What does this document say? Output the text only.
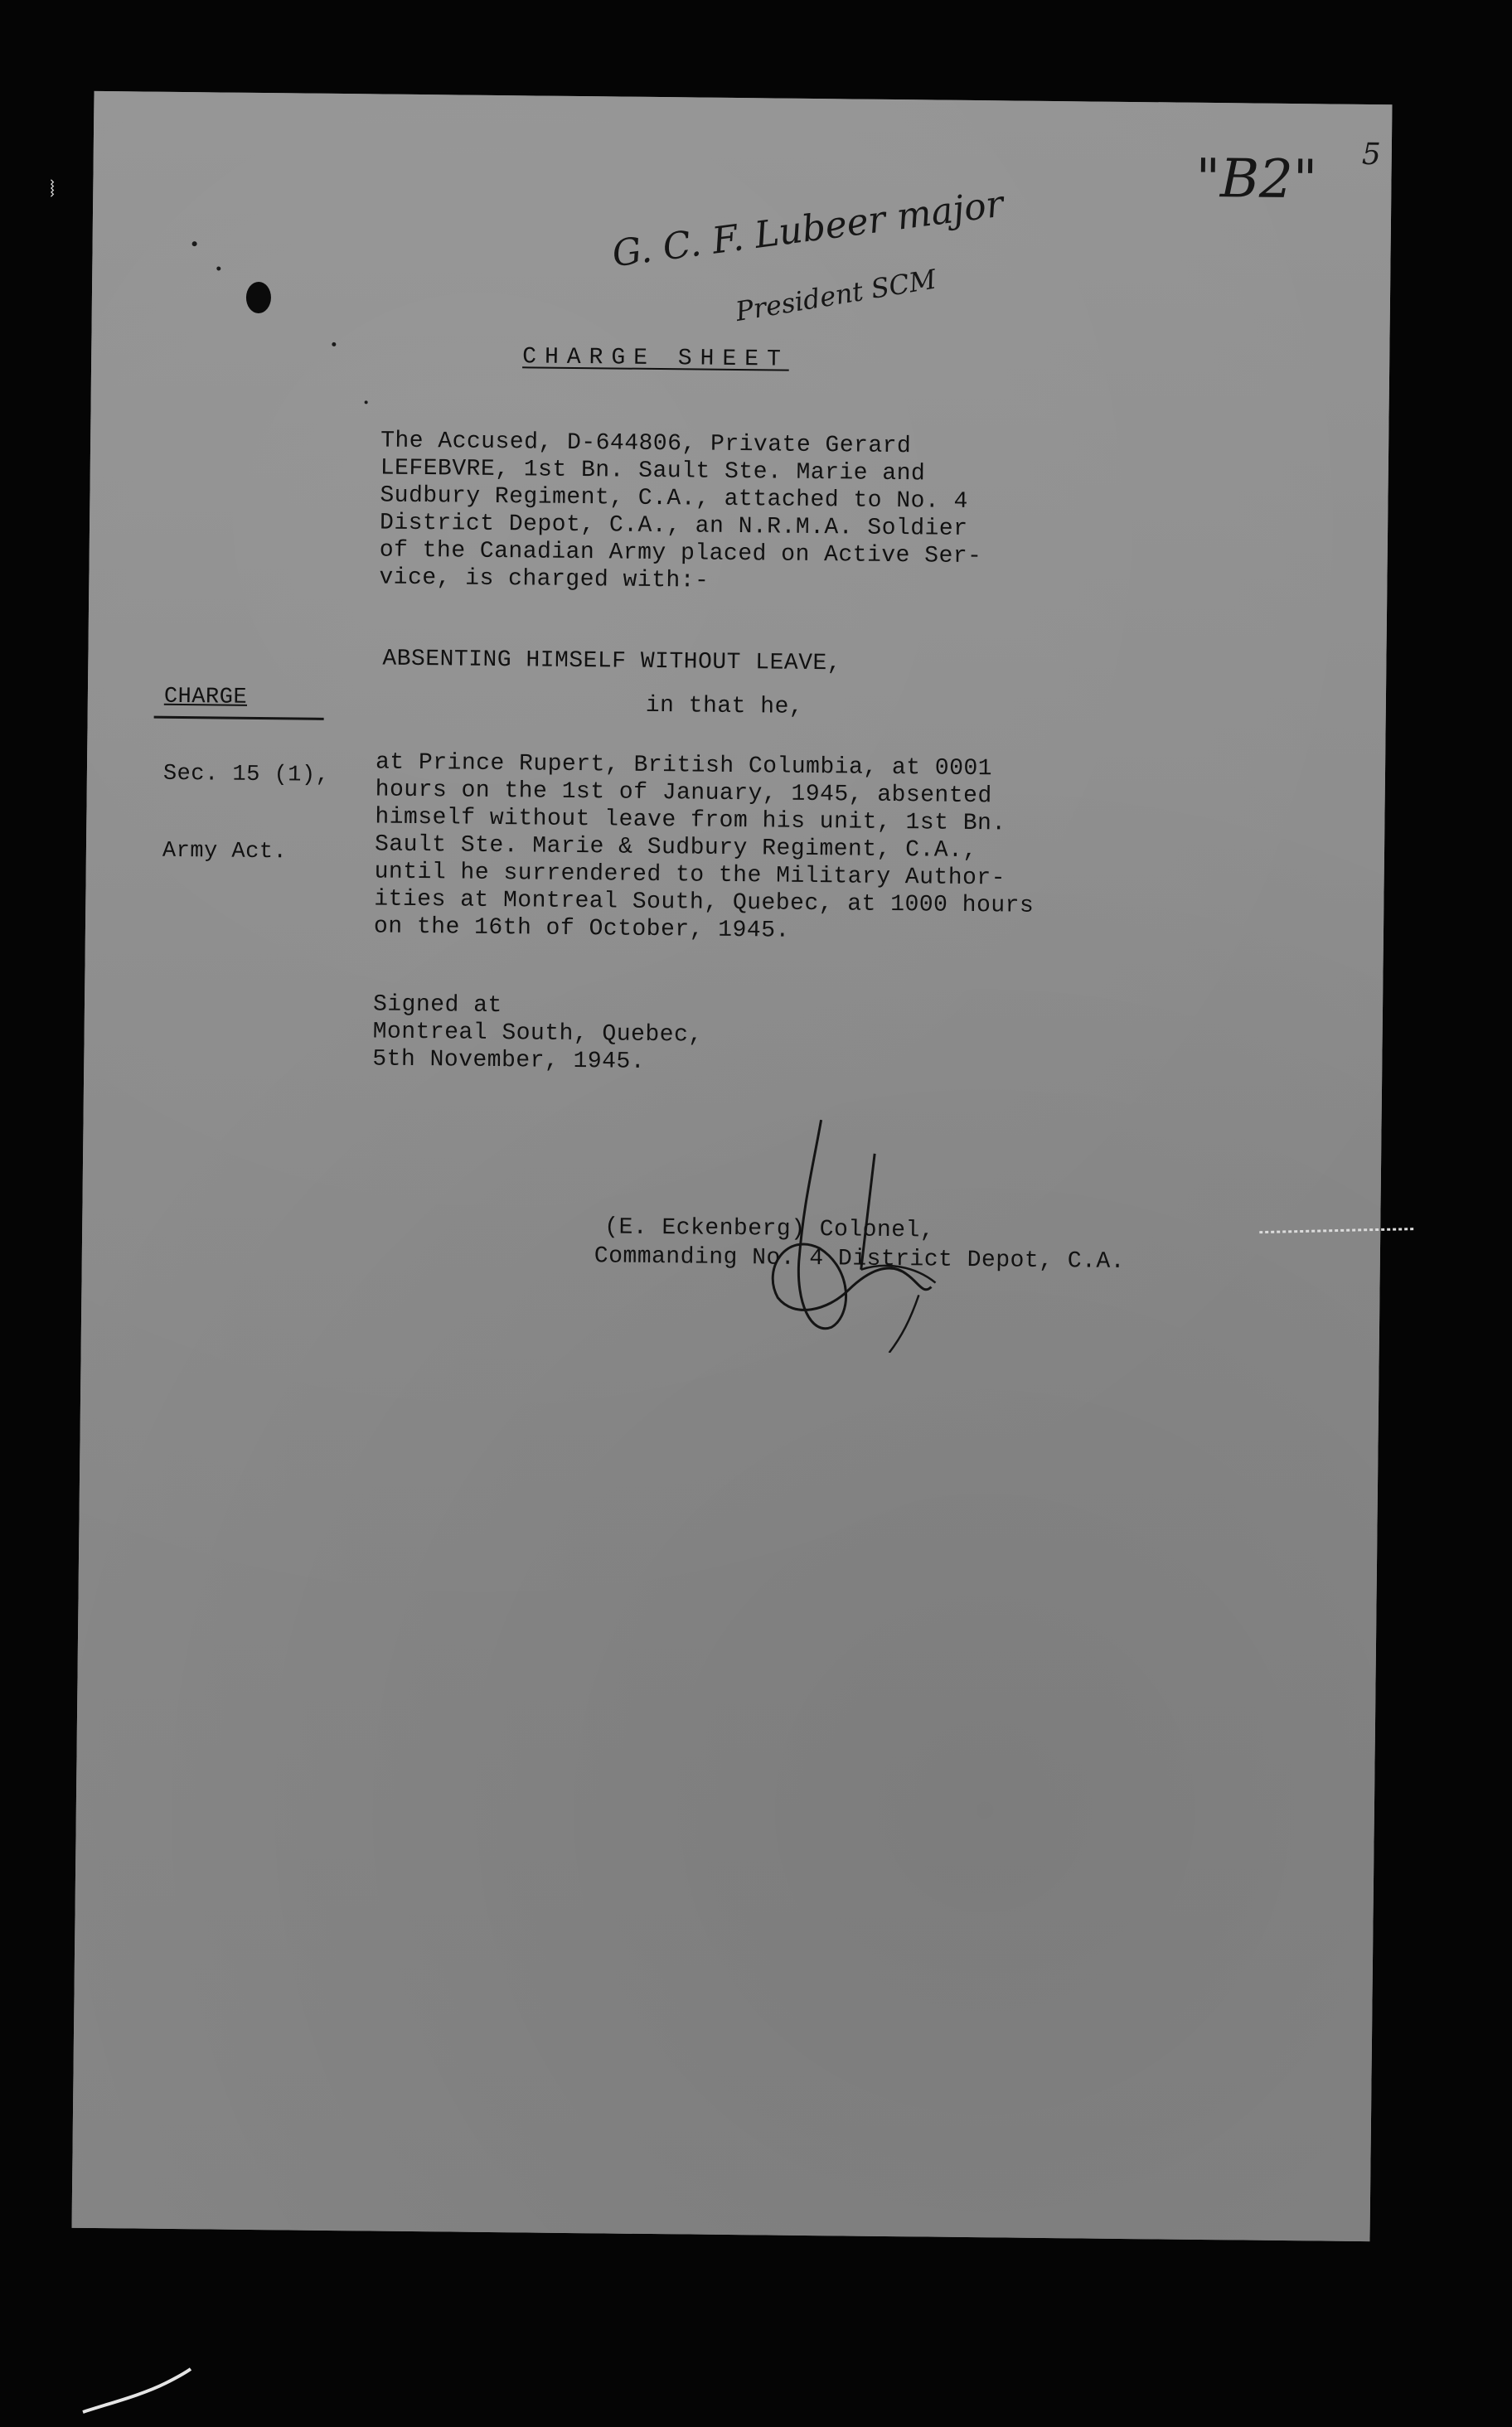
⧘	G. C. F. Lubeer major
President SCM
"B2" 5
CHARGE SHEET
The Accused, D-644806, Private Gerard
LEFEBVRE, 1st Bn. Sault Ste. Marie and
Sudbury Regiment, C.A., attached to No. 4
District Depot, C.A., an N.R.M.A. Soldier
of the Canadian Army placed on Active Ser-
vice, is charged with:-

CHARGE

Sec. 15 (1),

Army Act.

ABSENTING HIMSELF WITHOUT LEAVE,
in that he,
at Prince Rupert, British Columbia, at 0001
hours on the 1st of January, 1945, absented
himself without leave from his unit, 1st Bn.
Sault Ste. Marie & Sudbury Regiment, C.A.,
until he surrendered to the Military Author-
ities at Montreal South, Quebec, at 1000 hours
on the 16th of October, 1945.
Signed at
Montreal South, Quebec,
5th November, 1945.
(E. Eckenberg) Colonel,
Commanding No. 4 District Depot, C.A.
